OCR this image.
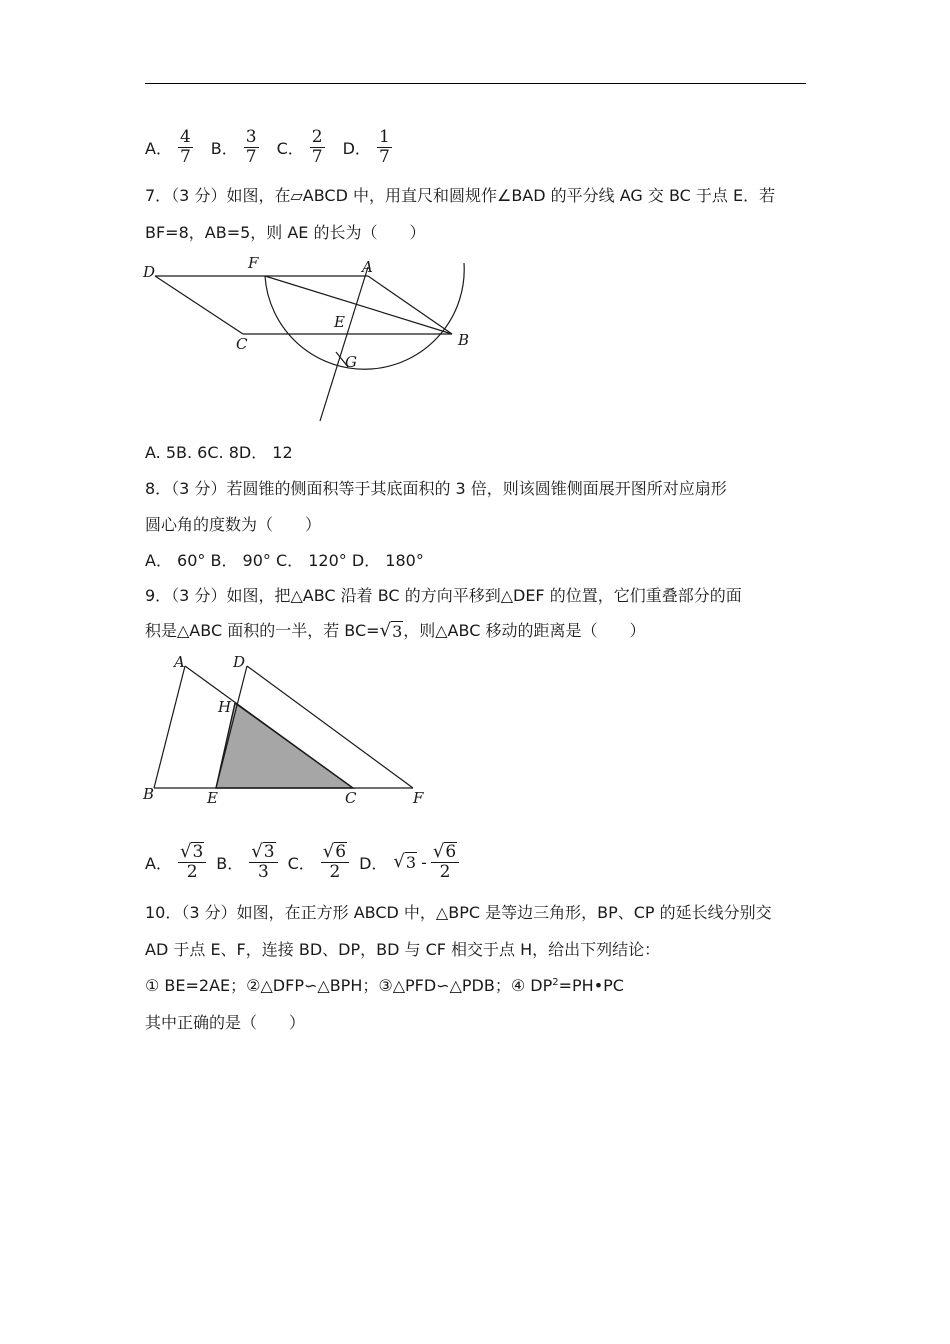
A． $\frac{4}{7}$ B． $\frac{3}{7}$ C． $\frac{2}{7}$ D． $\frac{1}{7}$
7．（3 分）如图，在▱ABCD 中，用直尺和圆规作∠BAD 的平分线 AG 交 BC 于点 E．若
BF=8，AB=5，则 AE 的长为（　　）
D	F	A
E
C	B
G
A. 5B. 6C. 8D． 12
8．（3 分）若圆锥的侧面积等于其底面积的 3 倍，则该圆锥侧面展开图所对应扇形
圆心角的度数为（　　）
A． 60° B． 90° C． 120° D． 180°
9．（3 分）如图，把△ABC 沿着 BC 的方向平移到△DEF 的位置，它们重叠部分的面
积是△ABC 面积的一半，若 BC= √ 3 ，则△ABC 移动的距离是（　　）
A	D
H
B	E	C	F
A． $\frac{√ 3}{2}$ B． $\frac{√ 3}{3}$ C． $\frac{√ 6}{2}$ D． √ $3 - \frac{√ 6}{2}$
10．（3 分）如图，在正方形 ABCD 中，△BPC 是等边三角形，BP、CP 的延长线分别交
AD 于点 E、F，连接 BD、DP，BD 与 CF 相交于点 H，给出下列结论：
① BE=2AE；②△DFP∽△BPH；③△PFD∽△PDB；④ $DP^2=PH•PC$
其中正确的是（　　）
